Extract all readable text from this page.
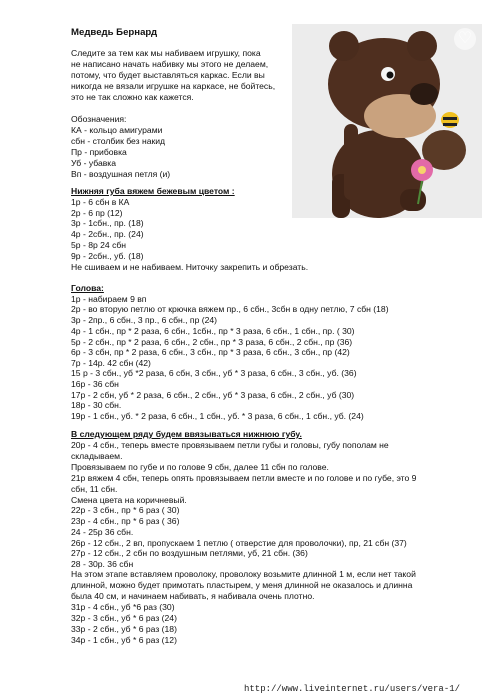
Медведь Бернард
Следите за тем как мы набиваем игрушку, пока
не написано начать набивку мы этого не делаем,
потому, что будет выставляться каркас. Если вы
никогда не вязали игрушке на каркасе, не бойтесь,
это не так сложно как кажется.
Обозначения:
КА - кольцо амигурами
сбн - столбик без накид
Пр - прибовка
Уб - убавка
Вп - воздушная петля (и)
Нижняя губа вяжем бежевым цветом :
1р - 6 сбн в КА
2р - 6 пр (12)
3р - 1сбн., пр. (18)
4р - 2сбн., пр. (24)
5р - 8р 24 сбн
9р - 2сбн., уб. (18)
Не сшиваем и не набиваем. Ниточку закрепить и обрезать.
Голова:
1р - набираем 9 вп
2р - во вторую петлю от крючка вяжем пр., 6 сбн., 3сбн в одну петлю, 7 сбн (18)
3р - 2пр., 6 сбн., 3 пр., 6 сбн., пр (24)
4р - 1 сбн., пр * 2 раза, 6 сбн., 1сбн., пр * 3 раза, 6 сбн., 1 сбн., пр. ( 30)
5р - 2 сбн., пр * 2 раза, 6 сбн., 2 сбн., пр * 3 раза, 6 сбн., 2 сбн., пр (36)
6р - 3 сбн, пр * 2 раза, 6 сбн., 3 сбн., пр * 3 раза, 6 сбн., 3 сбн., пр (42)
7р - 14р. 42 сбн (42)
15 р - 3 сбн., уб *2 раза, 6 сбн, 3 сбн., уб * 3 раза, 6 сбн., 3 сбн., уб. (36)
16р - 36 сбн
17р - 2 сбн, уб * 2 раза, 6 сбн., 2 сбн., уб * 3 раза, 6 сбн., 2 сбн., уб (30)
18р - 30 сбн.
19р - 1 сбн., уб. * 2 раза, 6 сбн., 1 сбн., уб. * 3 раза, 6 сбн., 1 сбн., уб. (24)
В следующем ряду будем ввязываться нижнюю губу.
20р - 4 сбн., теперь вместе провязываем петли губы и головы, губу пополам не
складываем.
Провязываем по губе и по голове 9 сбн, далее 11 сбн по голове.
21р вяжем 4 сбн, теперь опять провязываем петли вместе и по голове и по губе, это 9
сбн, 11 сбн.
Смена цвета на коричневый.
22р - 3 сбн., пр * 6 раз ( 30)
23р - 4 сбн., пр * 6 раз ( 36)
24 - 25р 36 сбн.
26р - 12 сбн., 2 вп, пропускаем 1 петлю ( отверстие для проволочки), пр, 21 сбн (37)
27р - 12 сбн., 2 сбн по воздушным петлями, уб, 21 сбн. (36)
28 - 30р. 36 сбн
На этом этапе вставляем проволоку, проволоку возьмите длинной 1 м, если нет такой
длинной, можно будет примотать пластырем, у меня длинной не оказалось и длинна
была 40 см, и начинаем набивать, я набивала очень плотно.
31р - 4 сбн., уб *6 раз (30)
32р - 3 сбн., уб * 6 раз (24)
33р - 2 сбн., уб * 6 раз (18)
34р - 1 сбн., уб * 6 раз (12)
♡
http://www.liveinternet.ru/users/vera-1/
